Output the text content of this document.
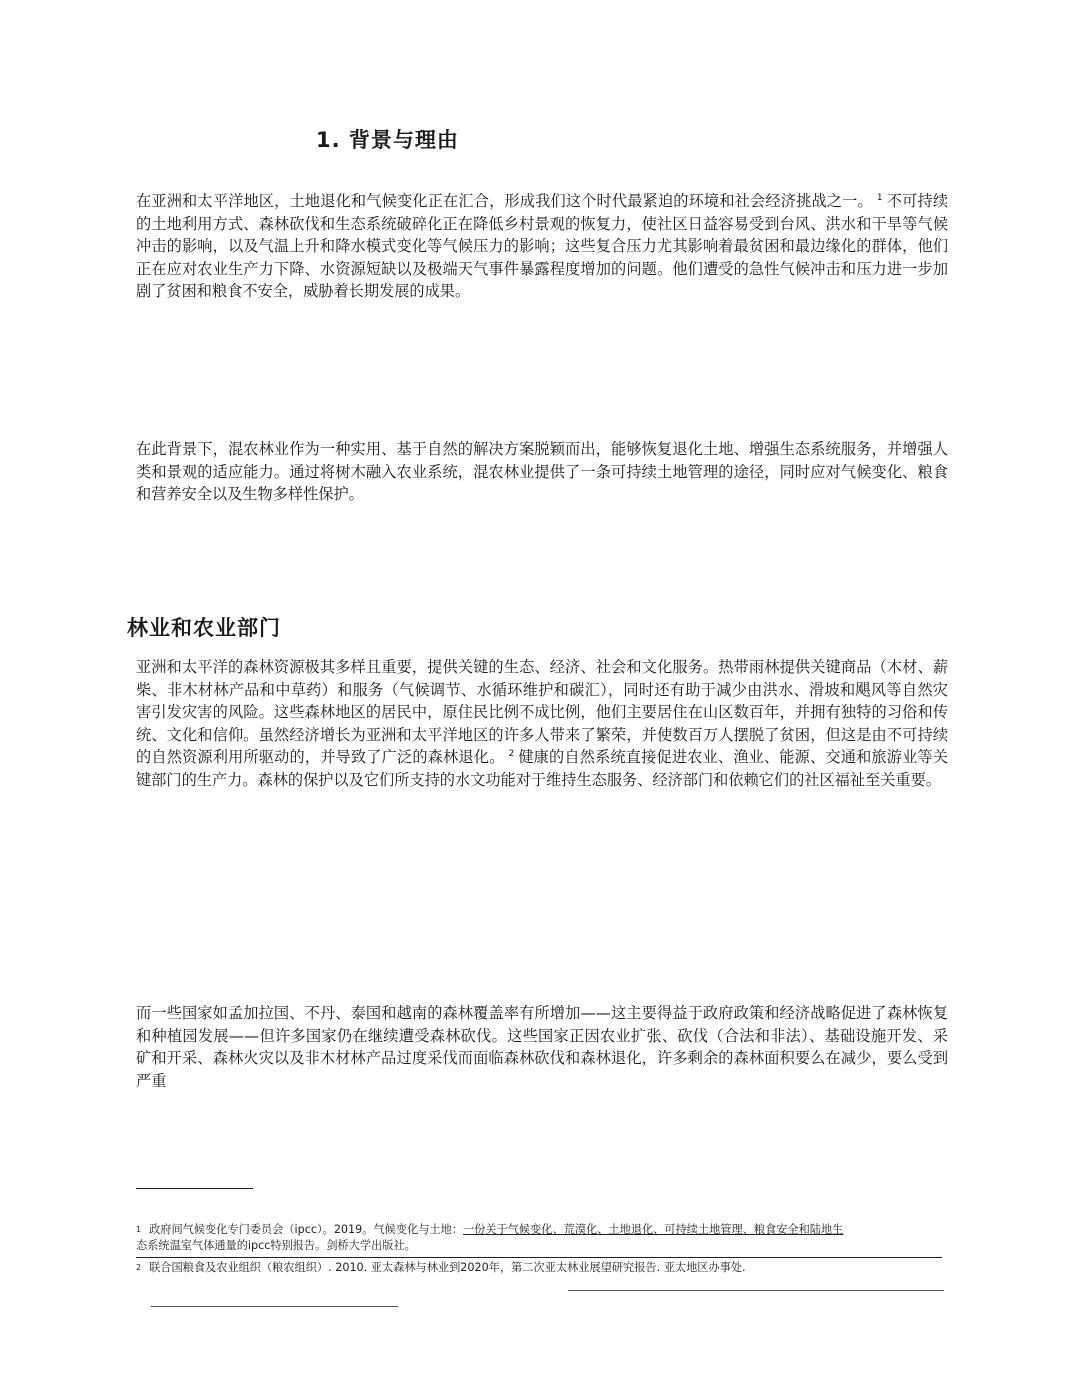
1. 背景与理由

在亚洲和太平洋地区，土地退化和气候变化正在汇合，形成我们这个时代最紧迫的环境和社会经济挑战之一。 $^1$ 不可持续的土地利用方式、森林砍伐和生态系统破碎化正在降低乡村景观的恢复力，使社区日益容易受到台风、洪水和干旱等气候冲击的影响，以及气温上升和降水模式变化等气候压力的影响；这些复合压力尤其影响着最贫困和最边缘化的群体，他们正在应对农业生产力下降、水资源短缺以及极端天气事件暴露程度增加的问题。他们遭受的急性气候冲击和压力进一步加剧了贫困和粮食不安全，威胁着长期发展的成果。

在此背景下，混农林业作为一种实用、基于自然的解决方案脱颖而出，能够恢复退化土地、增强生态系统服务，并增强人类和景观的适应能力。通过将树木融入农业系统，混农林业提供了一条可持续土地管理的途径，同时应对气候变化、粮食和营养安全以及生物多样性保护。

林业和农业部门

亚洲和太平洋的森林资源极其多样且重要，提供关键的生态、经济、社会和文化服务。热带雨林提供关键商品（木材、薪柴、非木材林产品和中草药）和服务（气候调节、水循环维护和碳汇），同时还有助于减少由洪水、滑坡和飓风等自然灾害引发灾害的风险。这些森林地区的居民中，原住民比例不成比例，他们主要居住在山区数百年，并拥有独特的习俗和传统、文化和信仰。虽然经济增长为亚洲和太平洋地区的许多人带来了繁荣，并使数百万人摆脱了贫困，但这是由不可持续的自然资源利用所驱动的，并导致了广泛的森林退化。 $^2$ 健康的自然系统直接促进农业、渔业、能源、交通和旅游业等关键部门的生产力。森林的保护以及它们所支持的水文功能对于维持生态服务、经济部门和依赖它们的社区福祉至关重要。

而一些国家如孟加拉国、不丹、泰国和越南的森林覆盖率有所增加——这主要得益于政府政策和经济战略促进了森林恢复和种植园发展——但许多国家仍在继续遭受森林砍伐。这些国家正因农业扩张、砍伐（合法和非法）、基础设施开发、采矿和开采、森林火灾以及非木材林产品过度采伐而面临森林砍伐和森林退化，许多剩余的森林面积要么在减少，要么受到严重

$^1$ 政府间气候变化专门委员会（ipcc）。2019。气候变化与土地：一份关于气候变化、荒漠化、土地退化、可持续土地管理、粮食安全和陆地生
态系统温室气体通量的ipcc特别报告。剑桥大学出版社。

$^2$ 联合国粮食及农业组织（粮农组织）. 2010. 亚太森林与林业到2020年，第二次亚太林业展望研究报告. 亚太地区办事处.
